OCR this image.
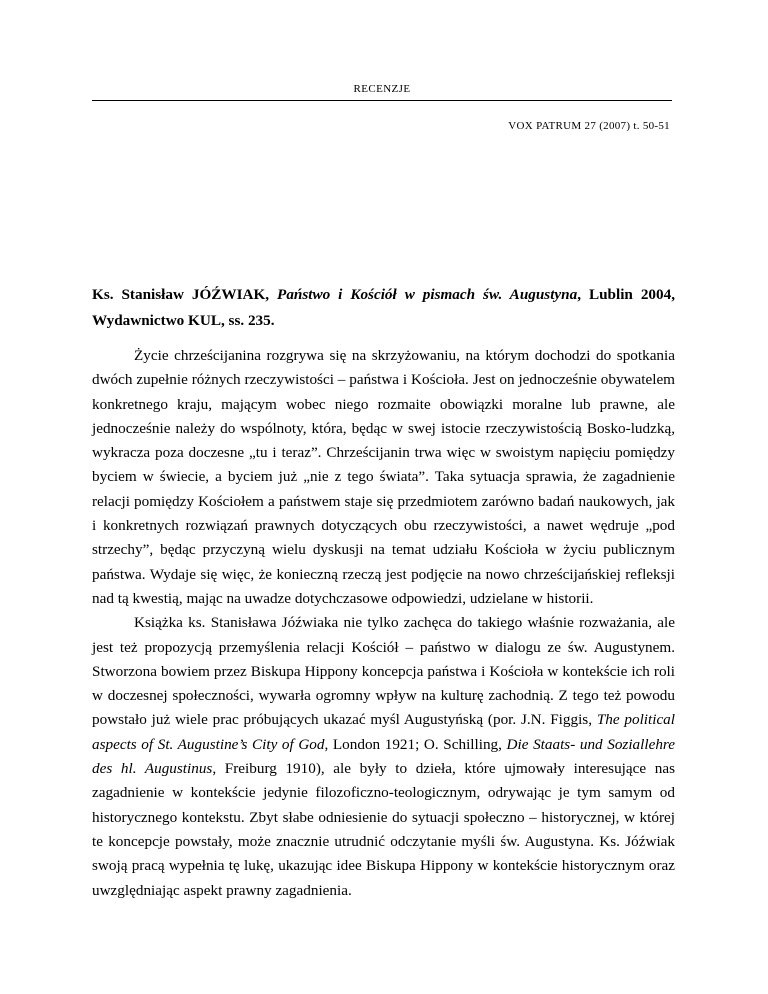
RECENZJE
VOX PATRUM 27 (2007) t. 50-51
Ks. Stanisław JÓŹWIAK, Państwo i Kościół w pismach św. Augustyna, Lublin 2004, Wydawnictwo KUL, ss. 235.

Życie chrześcijanina rozgrywa się na skrzyżowaniu, na którym dochodzi do spotkania dwóch zupełnie różnych rzeczywistości – państwa i Kościoła. Jest on jednocześnie obywatelem konkretnego kraju, mającym wobec niego rozmaite obowiązki moralne lub prawne, ale jednocześnie należy do wspólnoty, która, będąc w swej istocie rzeczywistością Bosko-ludzką, wykracza poza doczesne „tu i teraz”. Chrześcijanin trwa więc w swoistym napięciu pomiędzy byciem w świecie, a byciem już „nie z tego świata”. Taka sytuacja sprawia, że zagadnienie relacji pomiędzy Kościołem a państwem staje się przedmiotem zarówno badań naukowych, jak i konkretnych rozwiązań prawnych dotyczących obu rzeczywistości, a nawet wędruje „pod strzechy”, będąc przyczyną wielu dyskusji na temat udziału Kościoła w życiu publicznym państwa. Wydaje się więc, że konieczną rzeczą jest podjęcie na nowo chrześcijańskiej refleksji nad tą kwestią, mając na uwadze dotychczasowe odpowiedzi, udzielane w historii.

Książka ks. Stanisława Jóźwiaka nie tylko zachęca do takiego właśnie rozważania, ale jest też propozycją przemyślenia relacji Kościół – państwo w dialogu ze św. Augustynem. Stworzona bowiem przez Biskupa Hippony koncepcja państwa i Kościoła w kontekście ich roli w doczesnej społeczności, wywarła ogromny wpływ na kulturę zachodnią. Z tego też powodu powstało już wiele prac próbujących ukazać myśl Augustyńską (por. J.N. Figgis, The political aspects of St. Augustine’s City of God, London 1921; O. Schilling, Die Staats- und Soziallehre des hl. Augustinus, Freiburg 1910), ale były to dzieła, które ujmowały interesujące nas zagadnienie w kontekście jedynie filozoficzno-teologicznym, odrywając je tym samym od historycznego kontekstu. Zbyt słabe odniesienie do sytuacji społeczno – historycznej, w której te koncepcje powstały, może znacznie utrudnić odczytanie myśli św. Augustyna. Ks. Jóźwiak swoją pracą wypełnia tę lukę, ukazując idee Biskupa Hippony w kontekście historycznym oraz uwzględniając aspekt prawny zagadnienia.
